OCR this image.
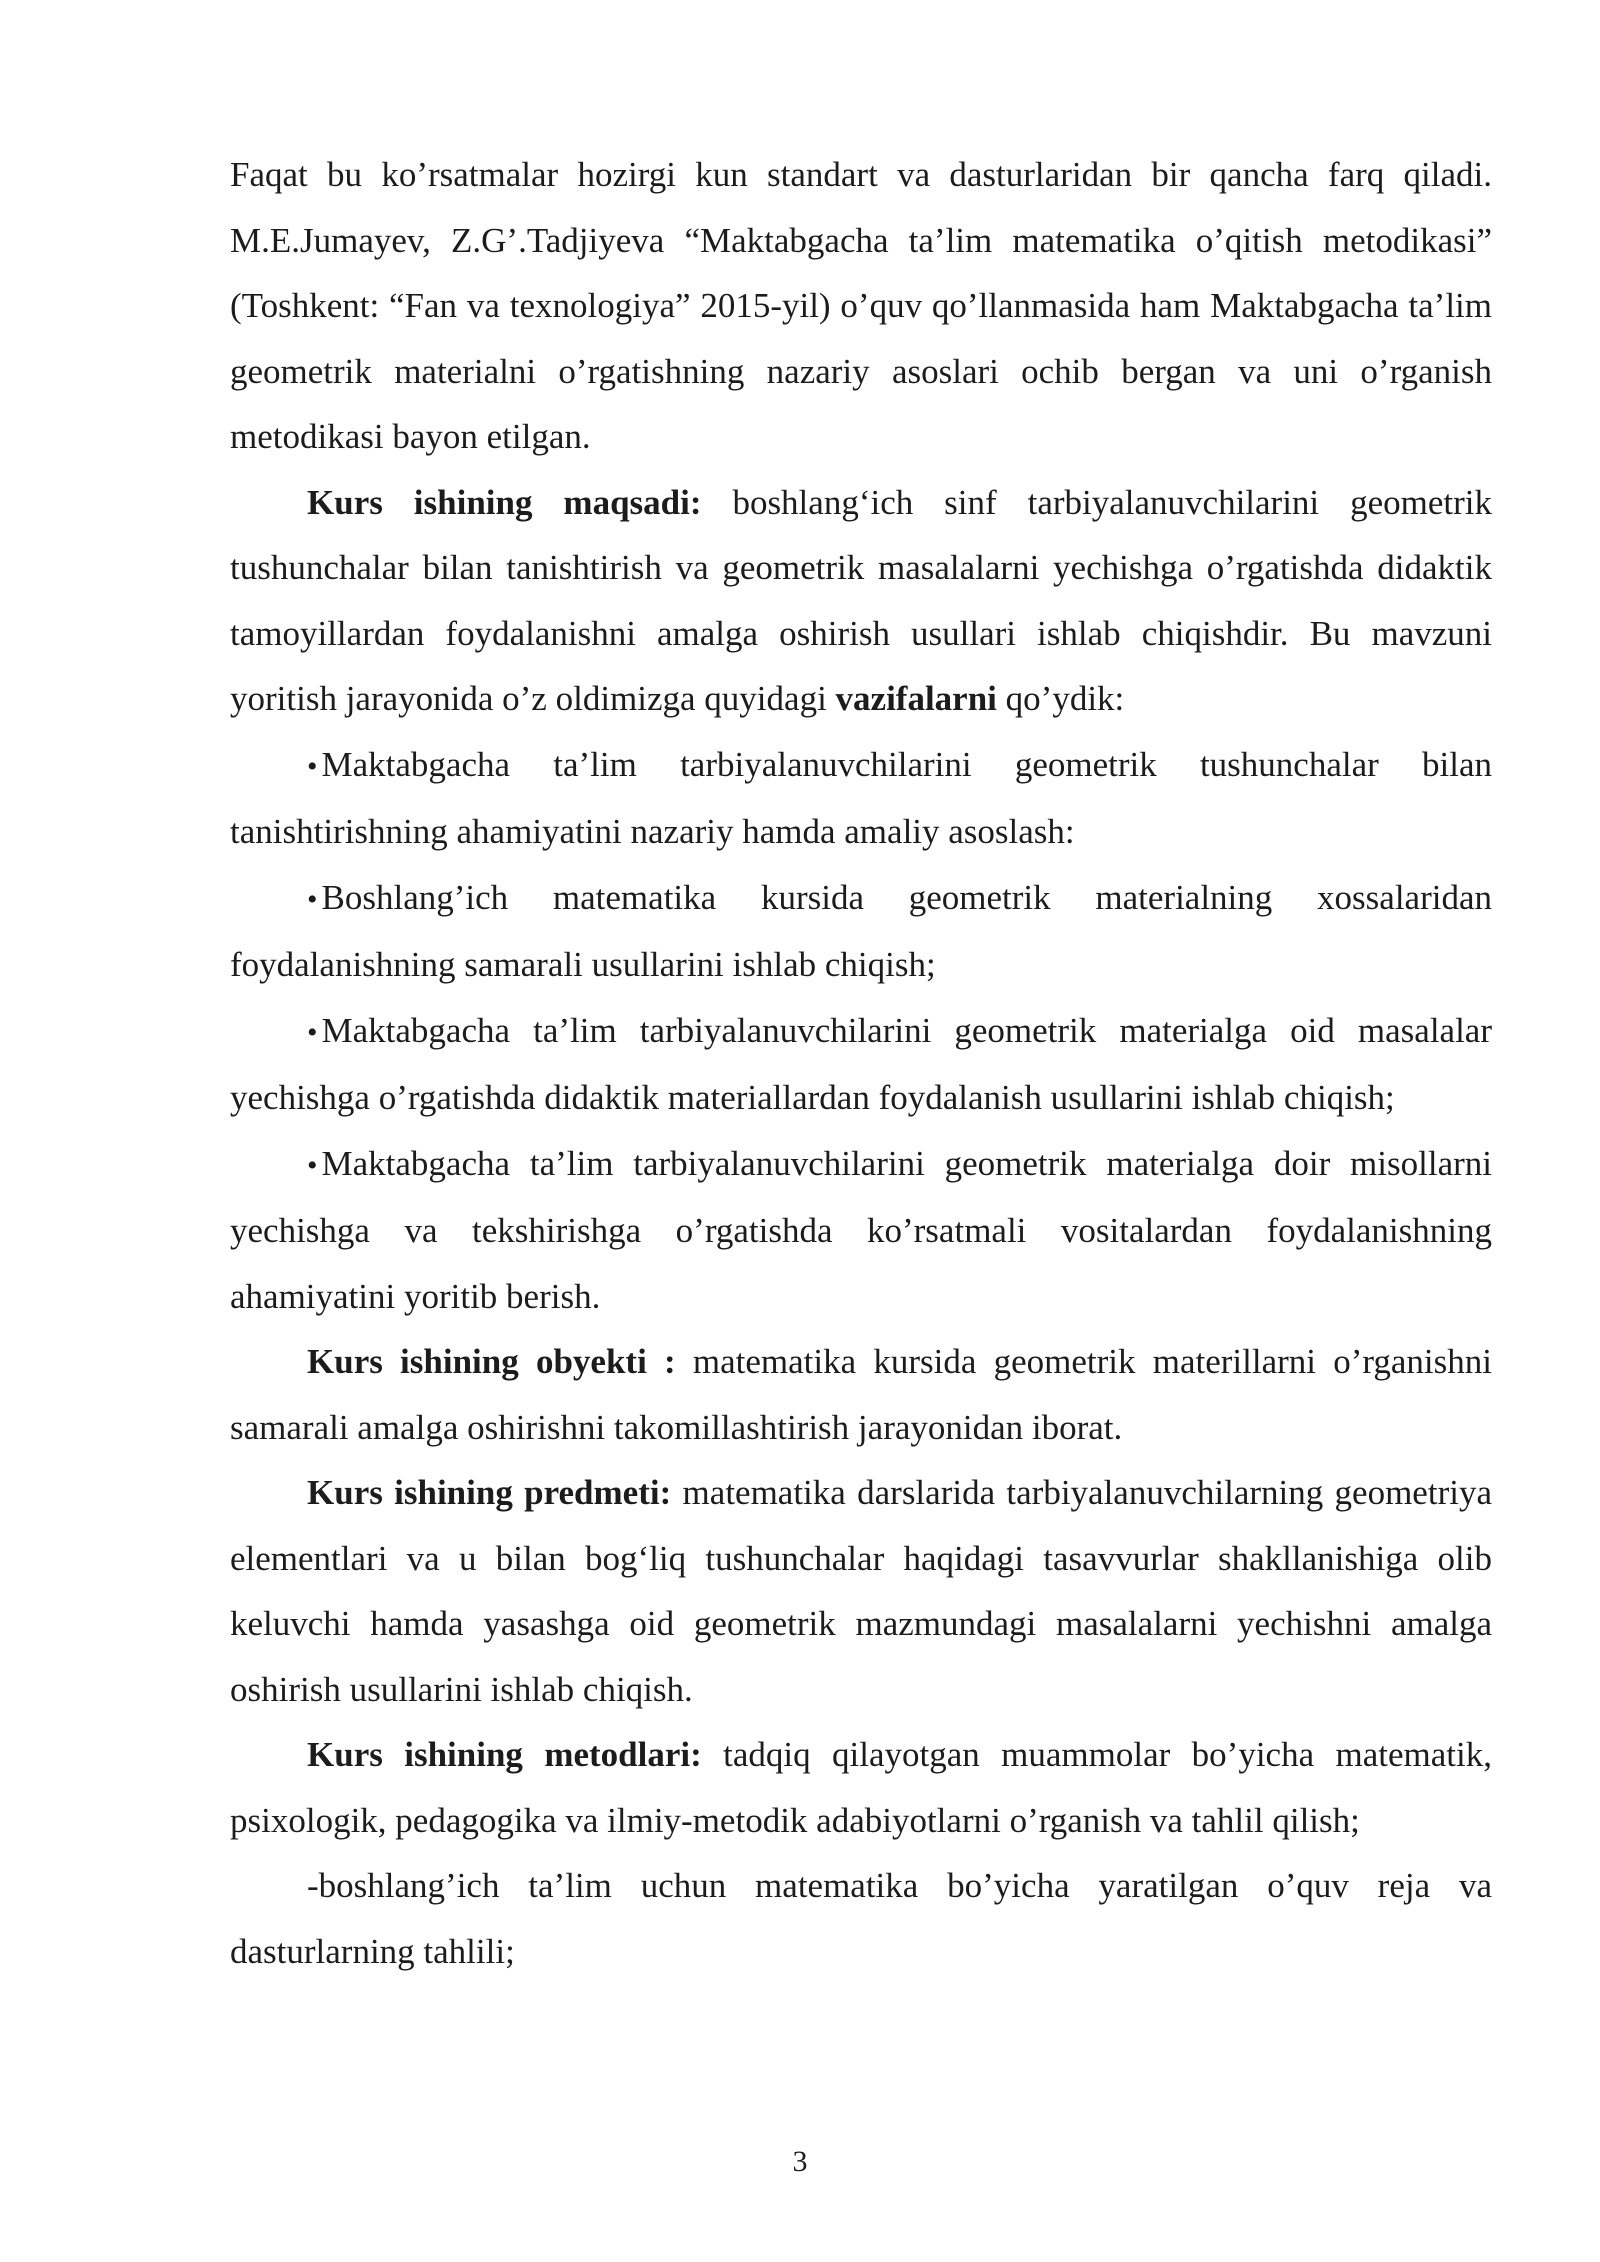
Faqat bu ko’rsatmalar hozirgi kun standart va dasturlaridan bir qancha farq qiladi. M.E.Jumayev, Z.G’.Tadjiyeva “Maktabgacha ta’lim matematika o’qitish metodikasi” (Toshkent: “Fan va texnologiya” 2015-yil) o’quv qo’llanmasida ham Maktabgacha ta’lim geometrik materialni o’rgatishning nazariy asoslari ochib bergan va uni o’rganish metodikasi bayon etilgan.

Kurs ishining maqsadi: boshlang‘ich sinf tarbiyalanuvchilarini geometrik tushunchalar bilan tanishtirish va geometrik masalalarni yechishga o’rgatishda didaktik tamoyillardan foydalanishni amalga oshirish usullari ishlab chiqishdir. Bu mavzuni yoritish jarayonida o’z oldimizga quyidagi vazifalarni qo’ydik:

• Maktabgacha ta’lim tarbiyalanuvchilarini geometrik tushunchalar bilan tanishtirishning ahamiyatini nazariy hamda amaliy asoslash:

• Boshlang’ich matematika kursida geometrik materialning xossalaridan foydalanishning samarali usullarini ishlab chiqish;

• Maktabgacha ta’lim tarbiyalanuvchilarini geometrik materialga oid masalalar yechishga o’rgatishda didaktik materiallardan foydalanish usullarini ishlab chiqish;

• Maktabgacha ta’lim tarbiyalanuvchilarini geometrik materialga doir misollarni yechishga va tekshirishga o’rgatishda ko’rsatmali vositalardan foydalanishning ahamiyatini yoritib berish.

Kurs ishining obyekti : matematika kursida geometrik materillarni o’rganishni samarali amalga oshirishni takomillashtirish jarayonidan iborat.

Kurs ishining predmeti: matematika darslarida tarbiyalanuvchilarning geometriya elementlari va u bilan bog‘liq tushunchalar haqidagi tasavvurlar shakllanishiga olib keluvchi hamda yasashga oid geometrik mazmundagi masalalarni yechishni amalga oshirish usullarini ishlab chiqish.

Kurs ishining metodlari: tadqiq qilayotgan muammolar bo’yicha matematik, psixologik, pedagogika va ilmiy-metodik adabiyotlarni o’rganish va tahlil qilish;

-boshlang’ich ta’lim uchun matematika bo’yicha yaratilgan o’quv reja va dasturlarning tahlili;

3
